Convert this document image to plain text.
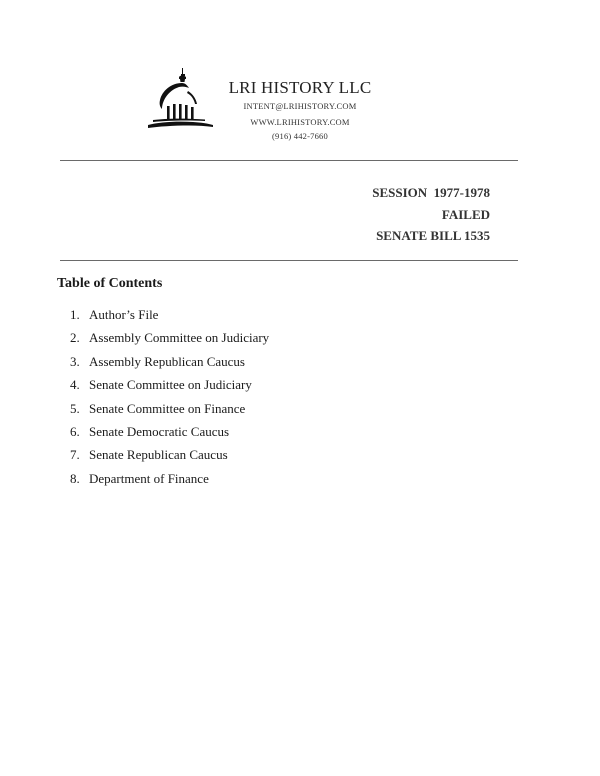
LRI HISTORY LLC
INTENT@LRIHISTORY.COM
WWW.LRIHISTORY.COM
(916) 442-7660
SESSION  1977-1978
FAILED
SENATE BILL 1535
Table of Contents
1. Author’s File
2. Assembly Committee on Judiciary
3. Assembly Republican Caucus
4. Senate Committee on Judiciary
5. Senate Committee on Finance
6. Senate Democratic Caucus
7. Senate Republican Caucus
8. Department of Finance
